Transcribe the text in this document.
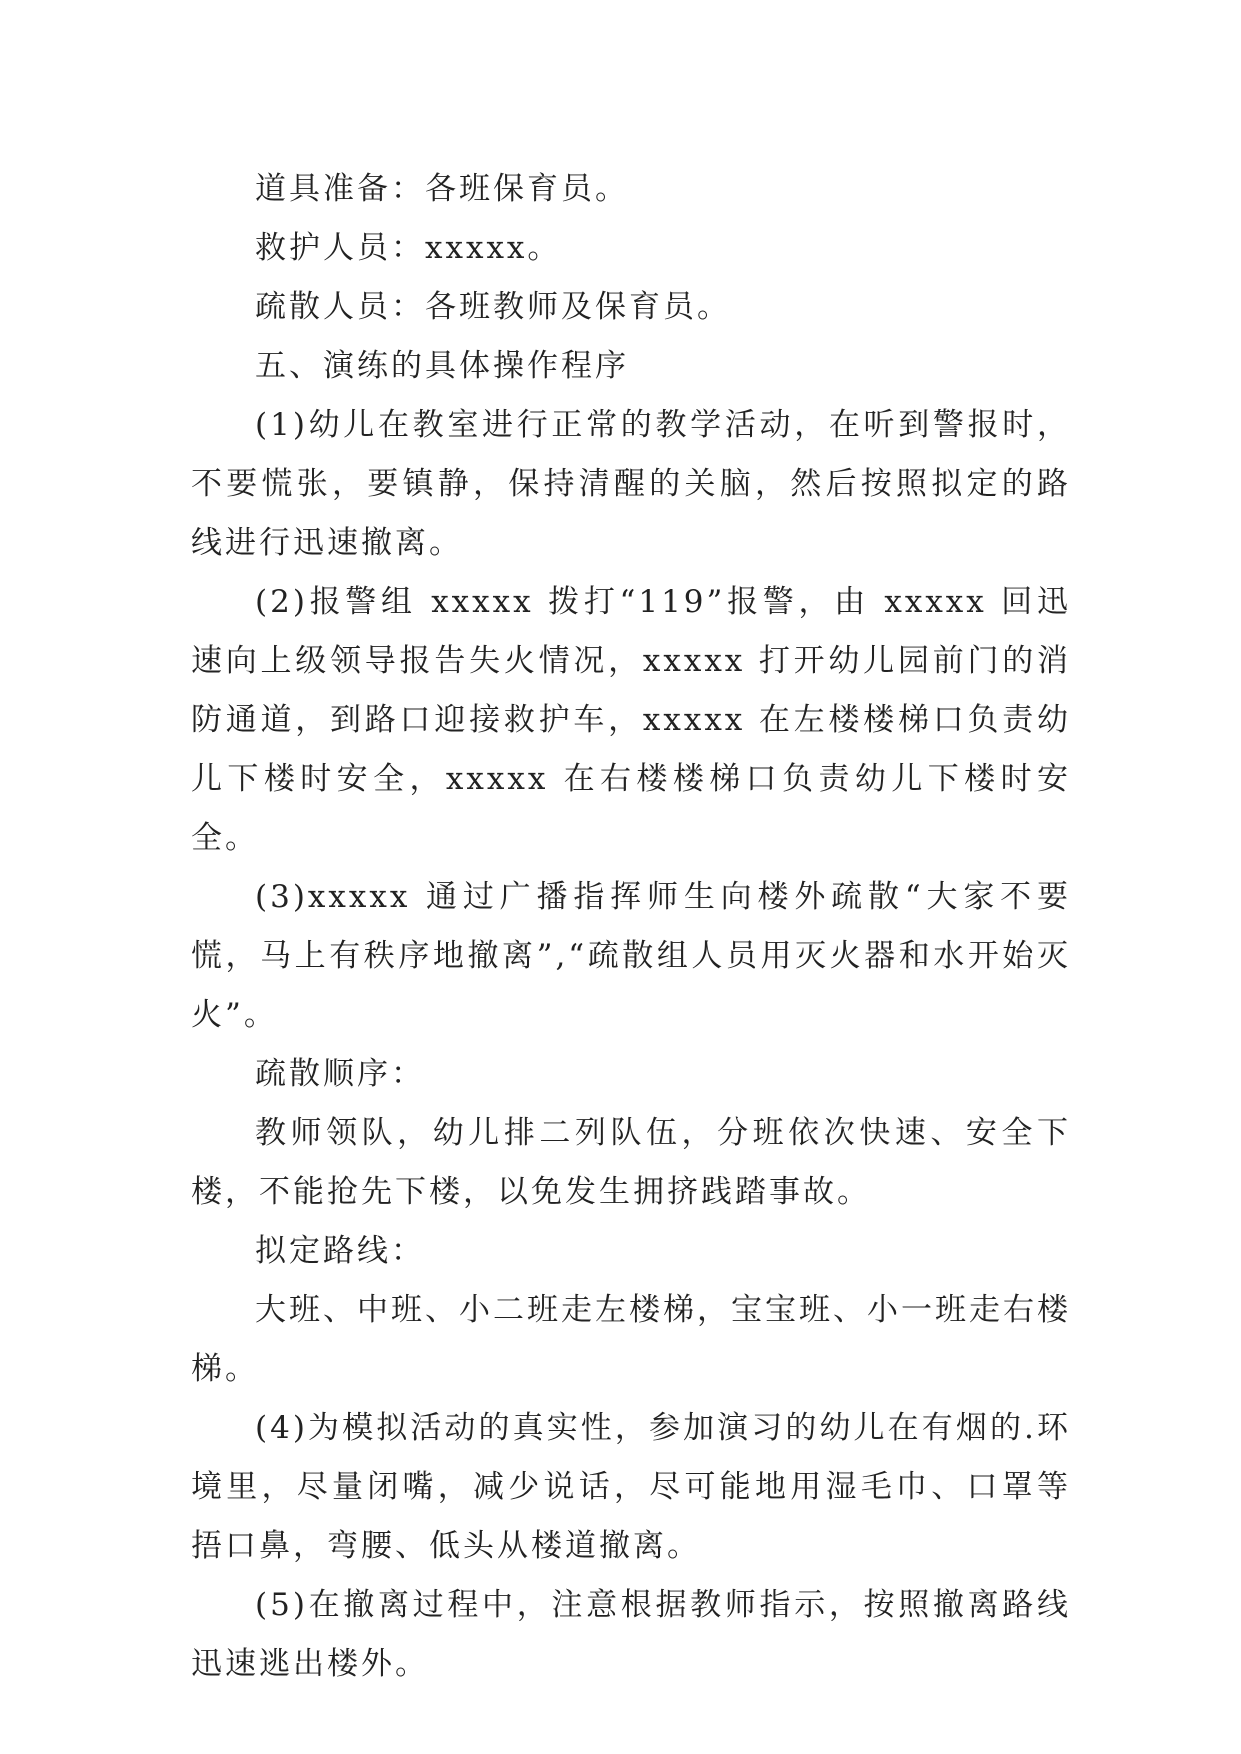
道具准备：各班保育员。

救护人员：xxxxx。

疏散人员：各班教师及保育员。

五、演练的具体操作程序

(1)幼儿在教室进行正常的教学活动，在听到警报时，不要慌张，要镇静，保持清醒的关脑，然后按照拟定的路线进行迅速撤离。

(2)报警组 xxxxx 拨打“119”报警，由 xxxxx 回迅速向上级领导报告失火情况，xxxxx 打开幼儿园前门的消防通道，到路口迎接救护车，xxxxx 在左楼楼梯口负责幼儿下楼时安全，xxxxx 在右楼楼梯口负责幼儿下楼时安全。

(3)xxxxx 通过广播指挥师生向楼外疏散“大家不要慌，马上有秩序地撤离”,“疏散组人员用灭火器和水开始灭火”。

疏散顺序：

教师领队，幼儿排二列队伍，分班依次快速、安全下楼，不能抢先下楼，以免发生拥挤践踏事故。

拟定路线：

大班、中班、小二班走左楼梯，宝宝班、小一班走右楼梯。

(4)为模拟活动的真实性，参加演习的幼儿在有烟的.环境里，尽量闭嘴，减少说话，尽可能地用湿毛巾、口罩等捂口鼻，弯腰、低头从楼道撤离。

(5)在撤离过程中，注意根据教师指示，按照撤离路线迅速逃出楼外。
